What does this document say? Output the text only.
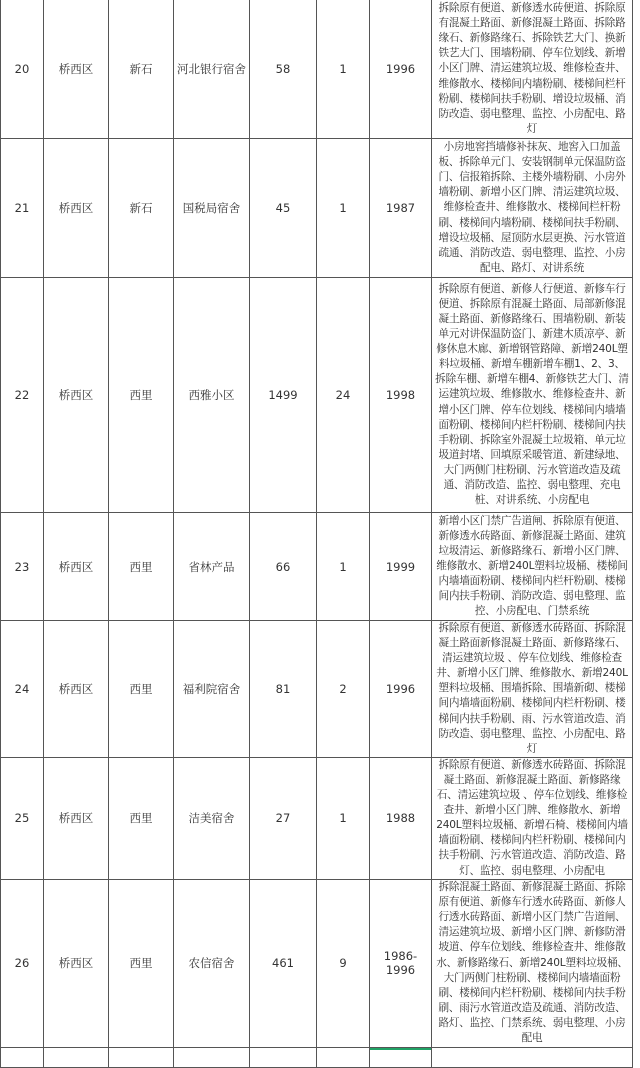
20	桥西区	新石	河北银行宿舍	58	1	1996	拆除原有便道、新修透水砖便道、拆除原有混凝土路面、新修混凝土路面、拆除路缘石、新修路缘石、拆除铁艺大门、换新铁艺大门、围墙粉刷、停车位划线、新增小区门牌、清运建筑垃圾、维修检查井、维修散水、楼梯间内墙粉刷、楼梯间栏杆粉刷、楼梯间扶手粉刷、增设垃圾桶、消防改造、弱电整理、监控、小房配电、路灯
21	桥西区	新石	国税局宿舍	45	1	1987	小房地窖挡墙修补抹灰、地窖入口加盖板、拆除单元门、安装钢制单元保温防盗门、信报箱拆除、主楼外墙粉刷、小房外墙粉刷、新增小区门牌、清运建筑垃圾、维修检查井、维修散水、楼梯间栏杆粉刷、楼梯间内墙粉刷、楼梯间扶手粉刷、增设垃圾桶、屋顶防水层更换、污水管道疏通、消防改造、弱电整理、监控、小房配电、路灯、对讲系统
22	桥西区	西里	西雅小区	1499	24	1998	拆除原有便道、新修人行便道、新修车行便道、拆除原有混凝土路面、局部新修混凝土路面、新修路缘石、围墙粉刷、新装单元对讲保温防盗门、新建木质凉亭、新修休息木廊、新增钢管路障、新增240L塑料垃圾桶、新增车棚新增车棚1、2、3、拆除车棚、新增车棚4、新修铁艺大门、清运建筑垃圾、维修散水、维修检查井、新增小区门牌、停车位划线、楼梯间内墙墙面粉刷、楼梯间内栏杆粉刷、楼梯间内扶手粉刷、拆除室外混凝土垃圾箱、单元垃圾道封堵、回填原采暖管道、新建绿地、大门两侧门柱粉刷、污水管道改造及疏通、消防改造、监控、弱电整理、充电桩、对讲系统、小房配电
23	桥西区	西里	省林产品	66	1	1999	新增小区门禁广告道闸、拆除原有便道、新修透水砖路面、新修混凝土路面、建筑垃圾清运、新修路缘石、新增小区门牌、维修散水、新增240L塑料垃圾桶、楼梯间内墙墙面粉刷、楼梯间内栏杆粉刷、楼梯间内扶手粉刷、消防改造、弱电整理、监控、小房配电、门禁系统
24	桥西区	西里	福利院宿舍	81	2	1996	拆除原有便道、新修透水砖路面、拆除混凝土路面新修混凝土路面、新修路缘石、清运建筑垃圾 、停车位划线、维修检查井、新增小区门牌、维修散水、新增240L塑料垃圾桶、围墙拆除、围墙新砌、楼梯间内墙墙面粉刷、楼梯间内栏杆粉刷、楼梯间内扶手粉刷、雨、污水管道改造、消防改造、弱电整理、监控、小房配电、路灯
25	桥西区	西里	洁美宿舍	27	1	1988	拆除原有便道、新修透水砖路面、拆除混凝土路面、新修混凝土路面、新修路缘石、清运建筑垃圾 、停车位划线、维修检查井、新增小区门牌、维修散水、新增240L塑料垃圾桶、新增石椅、楼梯间内墙墙面粉刷、楼梯间内栏杆粉刷、楼梯间内扶手粉刷、污水管道改造、消防改造、路灯、监控、弱电整理、小房配电
26	桥西区	西里	农信宿舍	461	9	1986-1996	拆除混凝土路面、新修混凝土路面、拆除原有便道、新修车行透水砖路面、新修人行透水砖路面、新增小区门禁广告道闸、清运建筑垃圾、新增小区门牌、新修防滑坡道、停车位划线、维修检查井、维修散水、新修路缘石、新增240L塑料垃圾桶、大门两侧门柱粉刷、楼梯间内墙墙面粉刷、楼梯间内栏杆粉刷、楼梯间内扶手粉刷、雨污水管道改造及疏通、消防改造、路灯、监控、门禁系统、弱电整理、小房配电
